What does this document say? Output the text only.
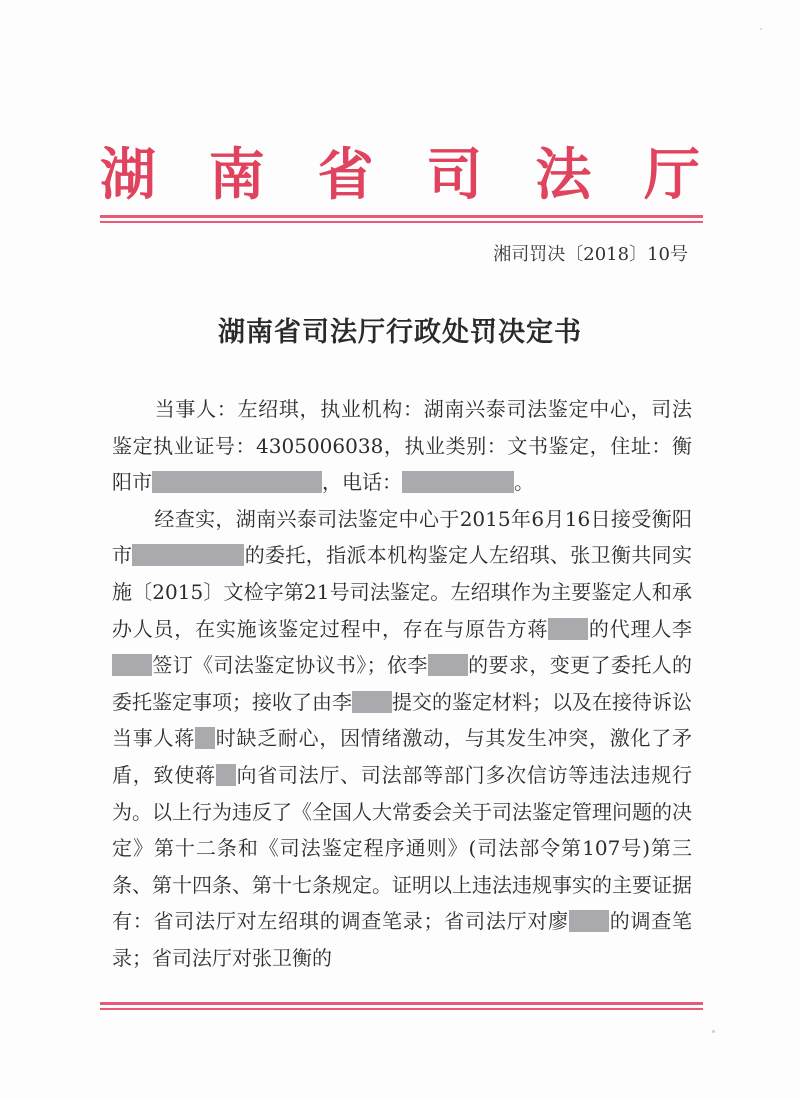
湖 南 省 司 法 厅
湘司罚决〔2018〕10号
湖南省司法厅行政处罚决定书

当事人：左绍琪，执业机构：湖南兴泰司法鉴定中心，司法鉴定执业证号：4305006038，执业类别：文书鉴定，住址：衡阳市	，电话：	。

经查实，湖南兴泰司法鉴定中心于2015年6月16日接受衡阳市	的委托，指派本机构鉴定人左绍琪、张卫衡共同实施〔2015〕文检字第21号司法鉴定。左绍琪作为主要鉴定人和承办人员，在实施该鉴定过程中，存在与原告方蒋 的代理人李签订《司法鉴定协议书》；依李 的要求，变更了委托人的委托鉴定事项；接收了由李 提交的鉴定材料；以及在接待诉讼当事人蒋 时缺乏耐心，因情绪激动，与其发生冲突，激化了矛盾，致使蒋 向省司法厅、司法部等部门多次信访等违法违规行为。以上行为违反了《全国人大常委会关于司法鉴定管理问题的决定》第十二条和《司法鉴定程序通则》(司法部令第107号)第三条、第十四条、第十七条规定。证明以上违法违规事实的主要证据有：省司法厅对左绍琪的调查笔录；省司法厅对廖 的调查笔录；省司法厅对张卫衡的
